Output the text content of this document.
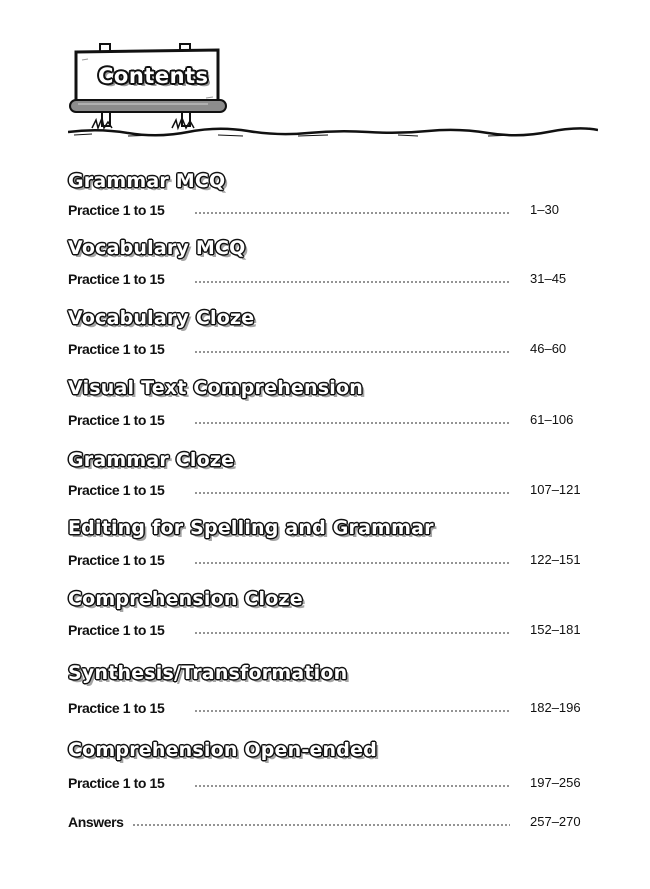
Contents
Grammar MCQ
Practice 1 to 15	1–30
Vocabulary MCQ
Practice 1 to 15	31–45
Vocabulary Cloze
Practice 1 to 15	46–60
Visual Text Comprehension
Practice 1 to 15	61–106
Grammar Cloze
Practice 1 to 15	107–121
Editing for Spelling and Grammar
Practice 1 to 15	122–151
Comprehension Cloze
Practice 1 to 15	152–181
Synthesis/Transformation
Practice 1 to 15	182–196
Comprehension Open-ended
Practice 1 to 15	197–256
Answers	257–270
